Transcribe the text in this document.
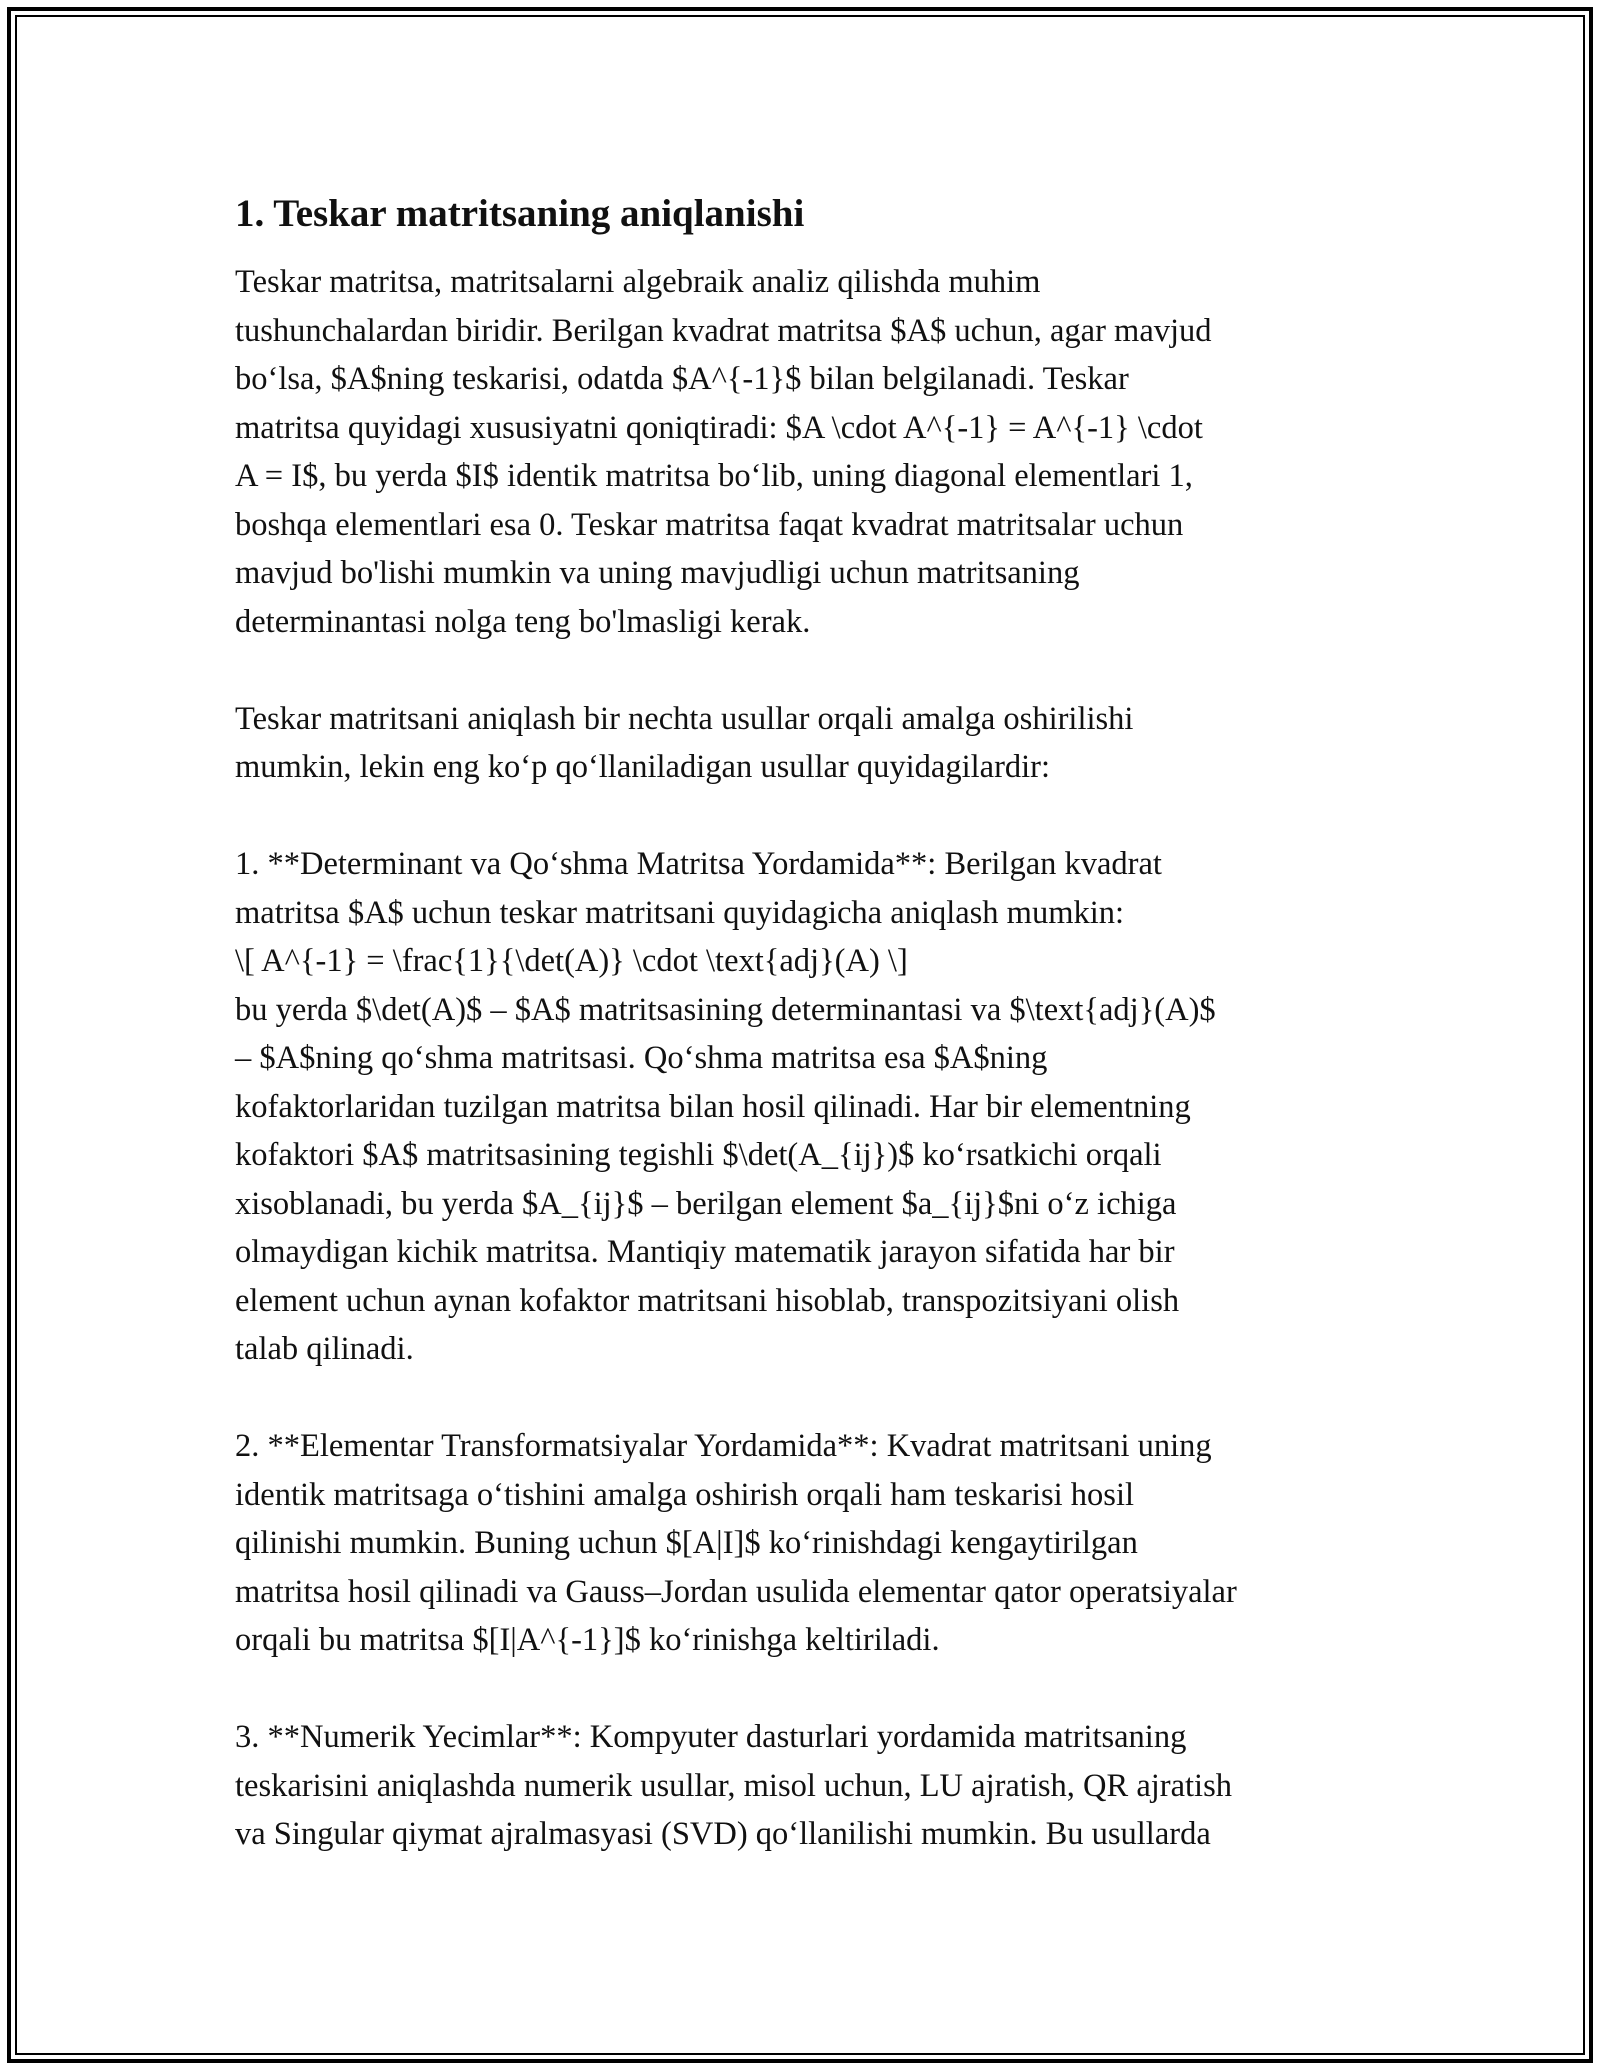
1. Teskar matritsaning aniqlanishi
Teskar matritsa, matritsalarni algebraik analiz qilishda muhim
tushunchalardan biridir. Berilgan kvadrat matritsa $A$ uchun, agar mavjud
bo‘lsa, $A$ning teskarisi, odatda $A^{-1}$ bilan belgilanadi. Teskar
matritsa quyidagi xususiyatni qoniqtiradi: $A \cdot A^{-1} = A^{-1} \cdot
A = I$, bu yerda $I$ identik matritsa bo‘lib, uning diagonal elementlari 1,
boshqa elementlari esa 0. Teskar matritsa faqat kvadrat matritsalar uchun
mavjud bo'lishi mumkin va uning mavjudligi uchun matritsaning
determinantasi nolga teng bo'lmasligi kerak.
Teskar matritsani aniqlash bir nechta usullar orqali amalga oshirilishi
mumkin, lekin eng ko‘p qo‘llaniladigan usullar quyidagilardir:
1. **Determinant va Qo‘shma Matritsa Yordamida**: Berilgan kvadrat
matritsa $A$ uchun teskar matritsani quyidagicha aniqlash mumkin:
\[ A^{-1} = \frac{1}{\det(A)} \cdot \text{adj}(A) \]
bu yerda $\det(A)$ – $A$ matritsasining determinantasi va $\text{adj}(A)$
– $A$ning qo‘shma matritsasi. Qo‘shma matritsa esa $A$ning
kofaktorlaridan tuzilgan matritsa bilan hosil qilinadi. Har bir elementning
kofaktori $A$ matritsasining tegishli $\det(A_{ij})$ ko‘rsatkichi orqali
xisoblanadi, bu yerda $A_{ij}$ – berilgan element $a_{ij}$ni o‘z ichiga
olmaydigan kichik matritsa. Mantiqiy matematik jarayon sifatida har bir
element uchun aynan kofaktor matritsani hisoblab, transpozitsiyani olish
talab qilinadi.
2. **Elementar Transformatsiyalar Yordamida**: Kvadrat matritsani uning
identik matritsaga o‘tishini amalga oshirish orqali ham teskarisi hosil
qilinishi mumkin. Buning uchun $[A|I]$ ko‘rinishdagi kengaytirilgan
matritsa hosil qilinadi va Gauss–Jordan usulida elementar qator operatsiyalar
orqali bu matritsa $[I|A^{-1}]$ ko‘rinishga keltiriladi.
3. **Numerik Yecimlar**: Kompyuter dasturlari yordamida matritsaning
teskarisini aniqlashda numerik usullar, misol uchun, LU ajratish, QR ajratish
va Singular qiymat ajralmasyasi (SVD) qo‘llanilishi mumkin. Bu usullarda
